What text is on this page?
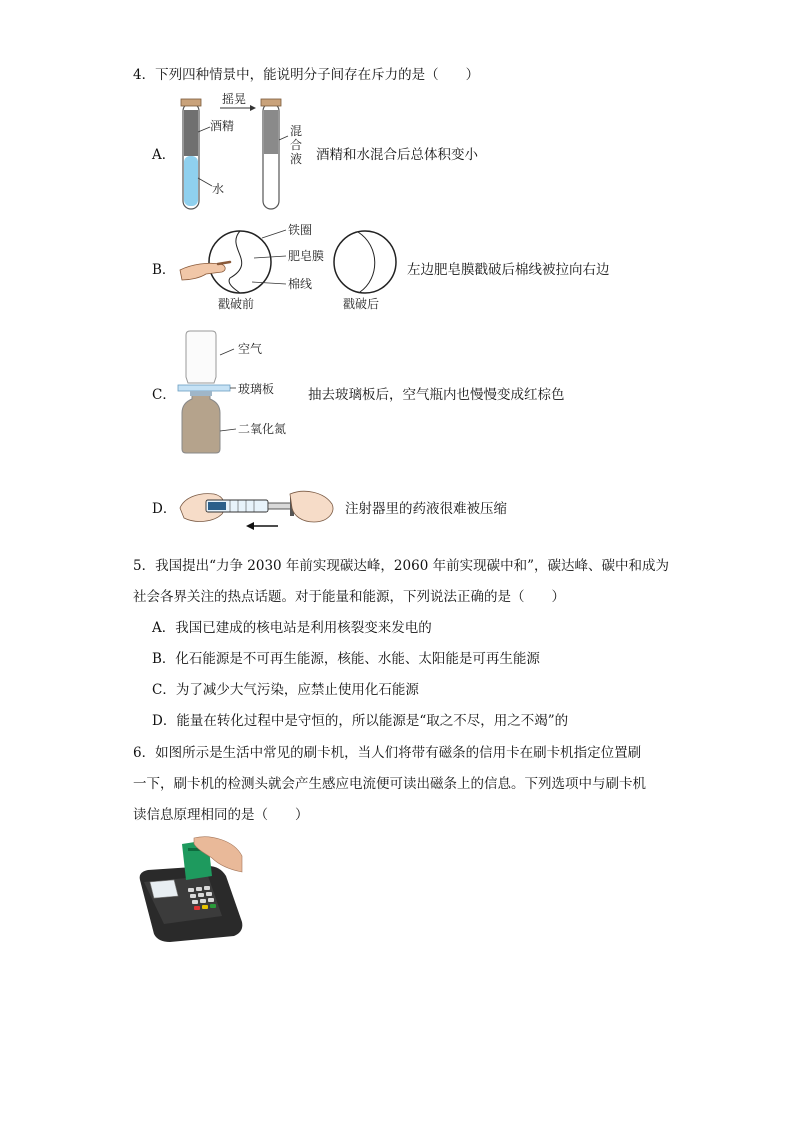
4．下列四种情景中，能说明分子间存在斥力的是（　　）
A．
摇晃
酒精
水
混
合
液 酒精和水混合后总体积变小
B．
铁圈
肥皂膜
棉线
戳破前	戳破后
左边肥皂膜戳破后棉线被拉向右边
C．
空气
玻璃板
二氧化氮
抽去玻璃板后，空气瓶内也慢慢变成红棕色
D．	注射器里的药液很难被压缩
5．我国提出“力争 2030 年前实现碳达峰，2060 年前实现碳中和”，碳达峰、碳中和成为
社会各界关注的热点话题。对于能量和能源，下列说法正确的是（　　）
A．我国已建成的核电站是利用核裂变来发电的
B．化石能源是不可再生能源，核能、水能、太阳能是可再生能源
C．为了减少大气污染，应禁止使用化石能源
D．能量在转化过程中是守恒的，所以能源是“取之不尽，用之不竭”的
6．如图所示是生活中常见的刷卡机，当人们将带有磁条的信用卡在刷卡机指定位置刷
一下，刷卡机的检测头就会产生感应电流便可读出磁条上的信息。下列选项中与刷卡机
读信息原理相同的是（　　）
